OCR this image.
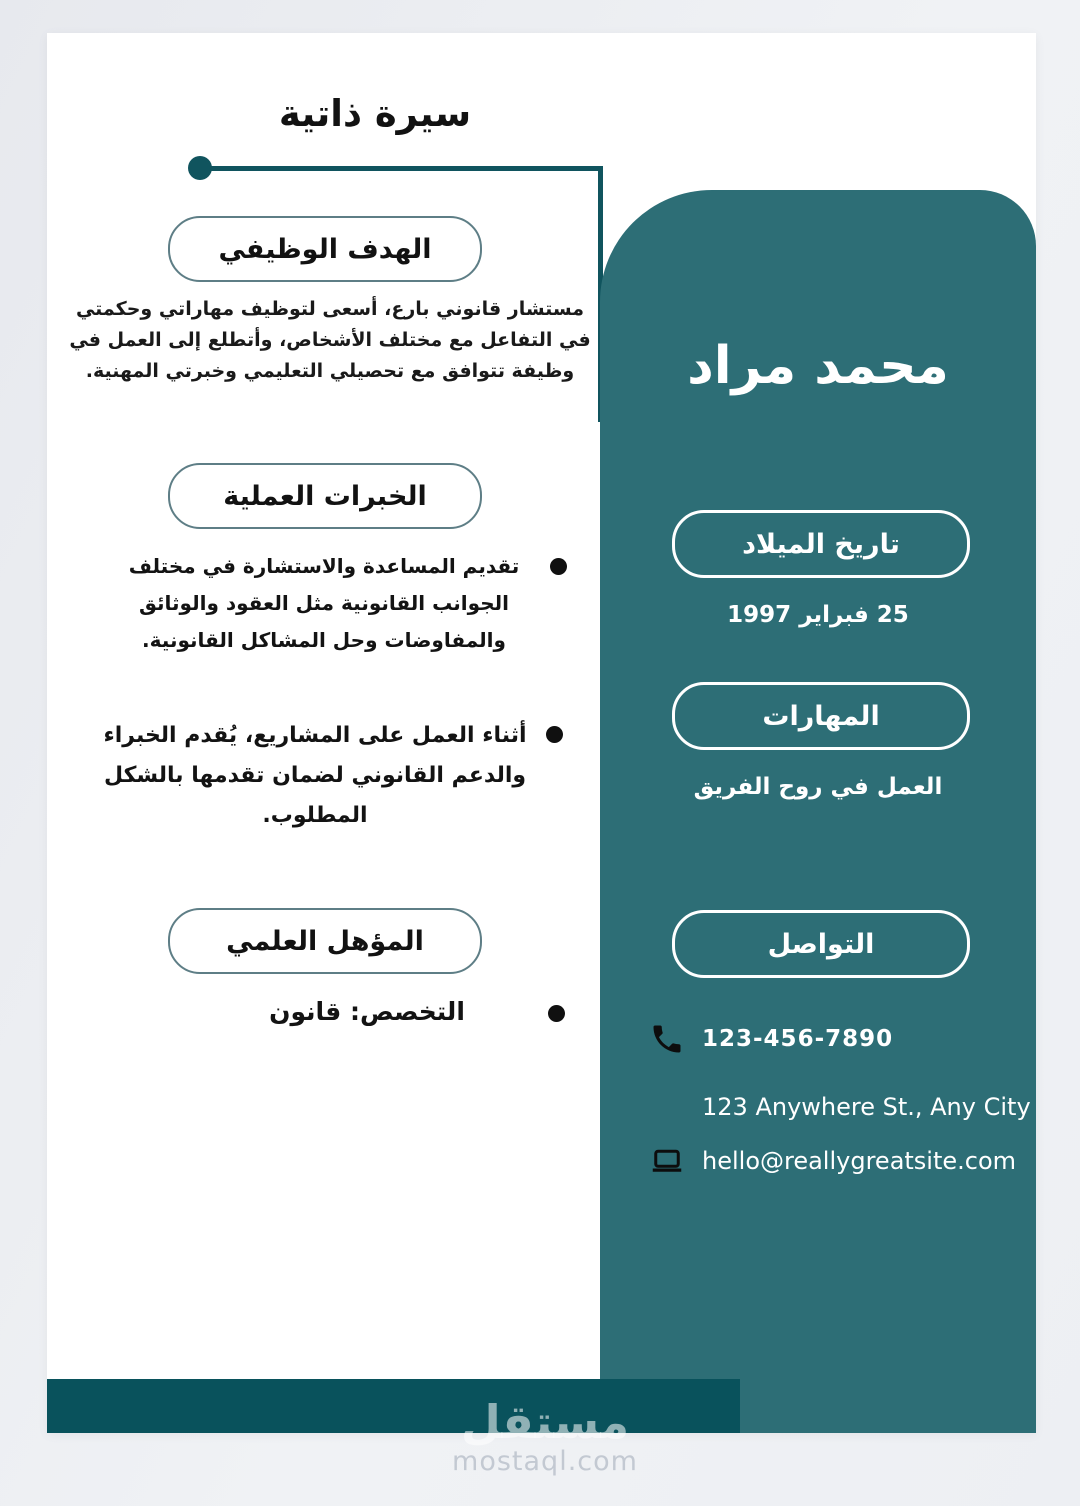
سيرة ذاتية
الهدف الوظيفي
مستشار قانوني بارع، أسعى لتوظيف مهاراتي وحكمتي في التفاعل مع مختلف الأشخاص، وأتطلع إلى العمل في وظيفة تتوافق مع تحصيلي التعليمي وخبرتي المهنية.
الخبرات العملية
تقديم المساعدة والاستشارة في مختلف الجوانب القانونية مثل العقود والوثائق والمفاوضات وحل المشاكل القانونية.
أثناء العمل على المشاريع، يُقدم الخبراء والدعم القانوني لضمان تقدمها بالشكل المطلوب.
المؤهل العلمي
التخصص: قانون
محمد مراد
تاريخ الميلاد
25 فبراير 1997
المهارات
العمل في روح الفريق
التواصل
123-456-7890
123 Anywhere St., Any City
hello@reallygreatsite.com
مستقل
mostaql.com
